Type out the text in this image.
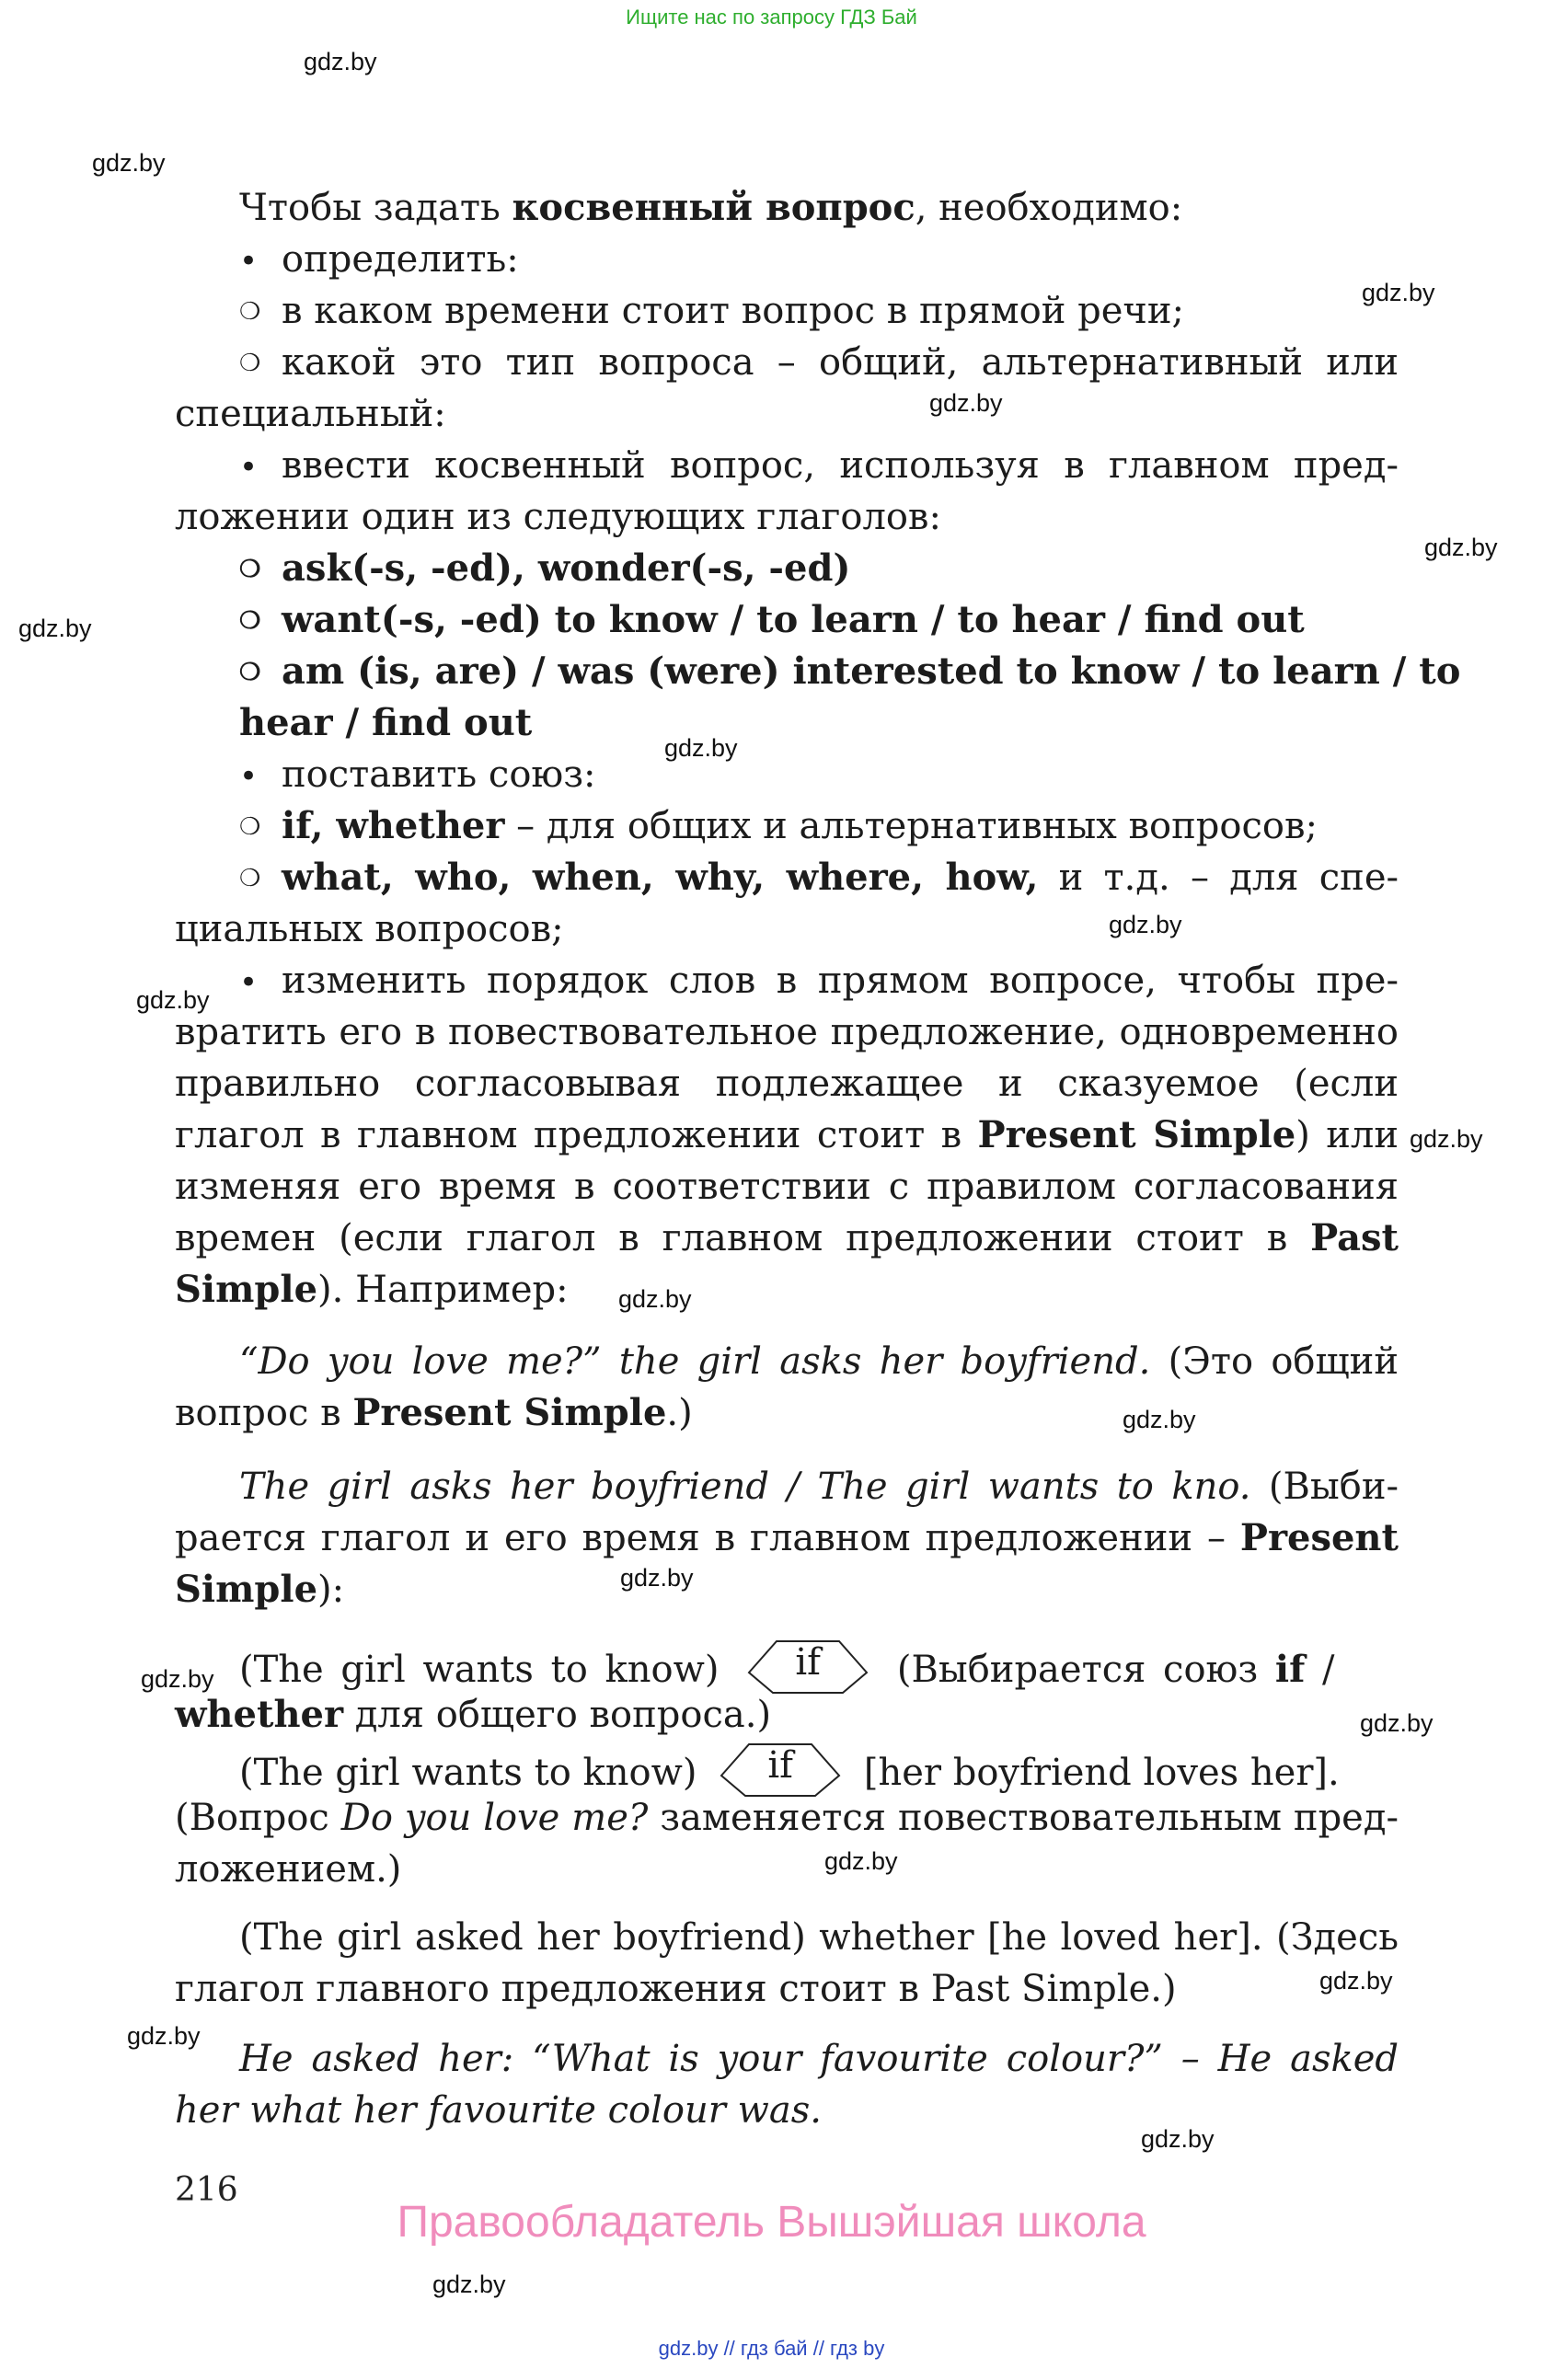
Ищите нас по запросу ГДЗ Бай
gdz.by
gdz.by
gdz.by
gdz.by
gdz.by
gdz.by
gdz.by
gdz.by
gdz.by
gdz.by
gdz.by
gdz.by
gdz.by
gdz.by
gdz.by
gdz.by
gdz.by
gdz.by
gdz.by
gdz.by
Чтобы задать косвенный вопрос, необходимо:
• определить:
❍ в каком времени стоит вопрос в прямой речи;
❍ какой это тип вопроса – общий, альтернативный или
специальный:
• ввести косвенный вопрос, используя в главном пред-
ложении один из следующих глаголов:
❍ ask(-s, -ed), wonder(-s, -ed)
❍ want(-s, -ed) to know / to learn / to hear / find out
❍ am (is, are) / was (were) interested to know / to learn / to
hear / find out
• поставить союз:
❍ if, whether – для общих и альтернативных вопросов;
❍ what, who, when, why, where, how, и т.д. – для спе-
циальных вопросов;
• изменить порядок слов в прямом вопросе, чтобы пре-
вратить его в повествовательное предложение, одновременно
правильно согласовывая подлежащее и сказуемое (если
глагол в главном предложении стоит в Present Simple) или
изменяя его время в соответствии с правилом согласования
времен (если глагол в главном предложении стоит в Past
Simple). Например:
“Do you love me?” the girl asks her boyfriend. (Это общий
вопрос в Present Simple.)
The girl asks her boyfriend / The girl wants to kno. (Выби-
рается глагол и его время в главном предложении – Present
Simple):
(The girl wants to know)	if	(Выбирается союз if /
whether для общего вопроса.)
(The girl wants to know)	if	[her boyfriend loves her].
(Вопрос Do you love me? заменяется повествовательным пред-
ложением.)
(The girl asked her boyfriend) whether [he loved her]. (Здесь
глагол главного предложения стоит в Past Simple.)
He asked her: “What is your favourite colour?” – He asked
her what her favourite colour was.
216
Правообладатель Вышэйшая школа
gdz.by // гдз бай // гдз by
